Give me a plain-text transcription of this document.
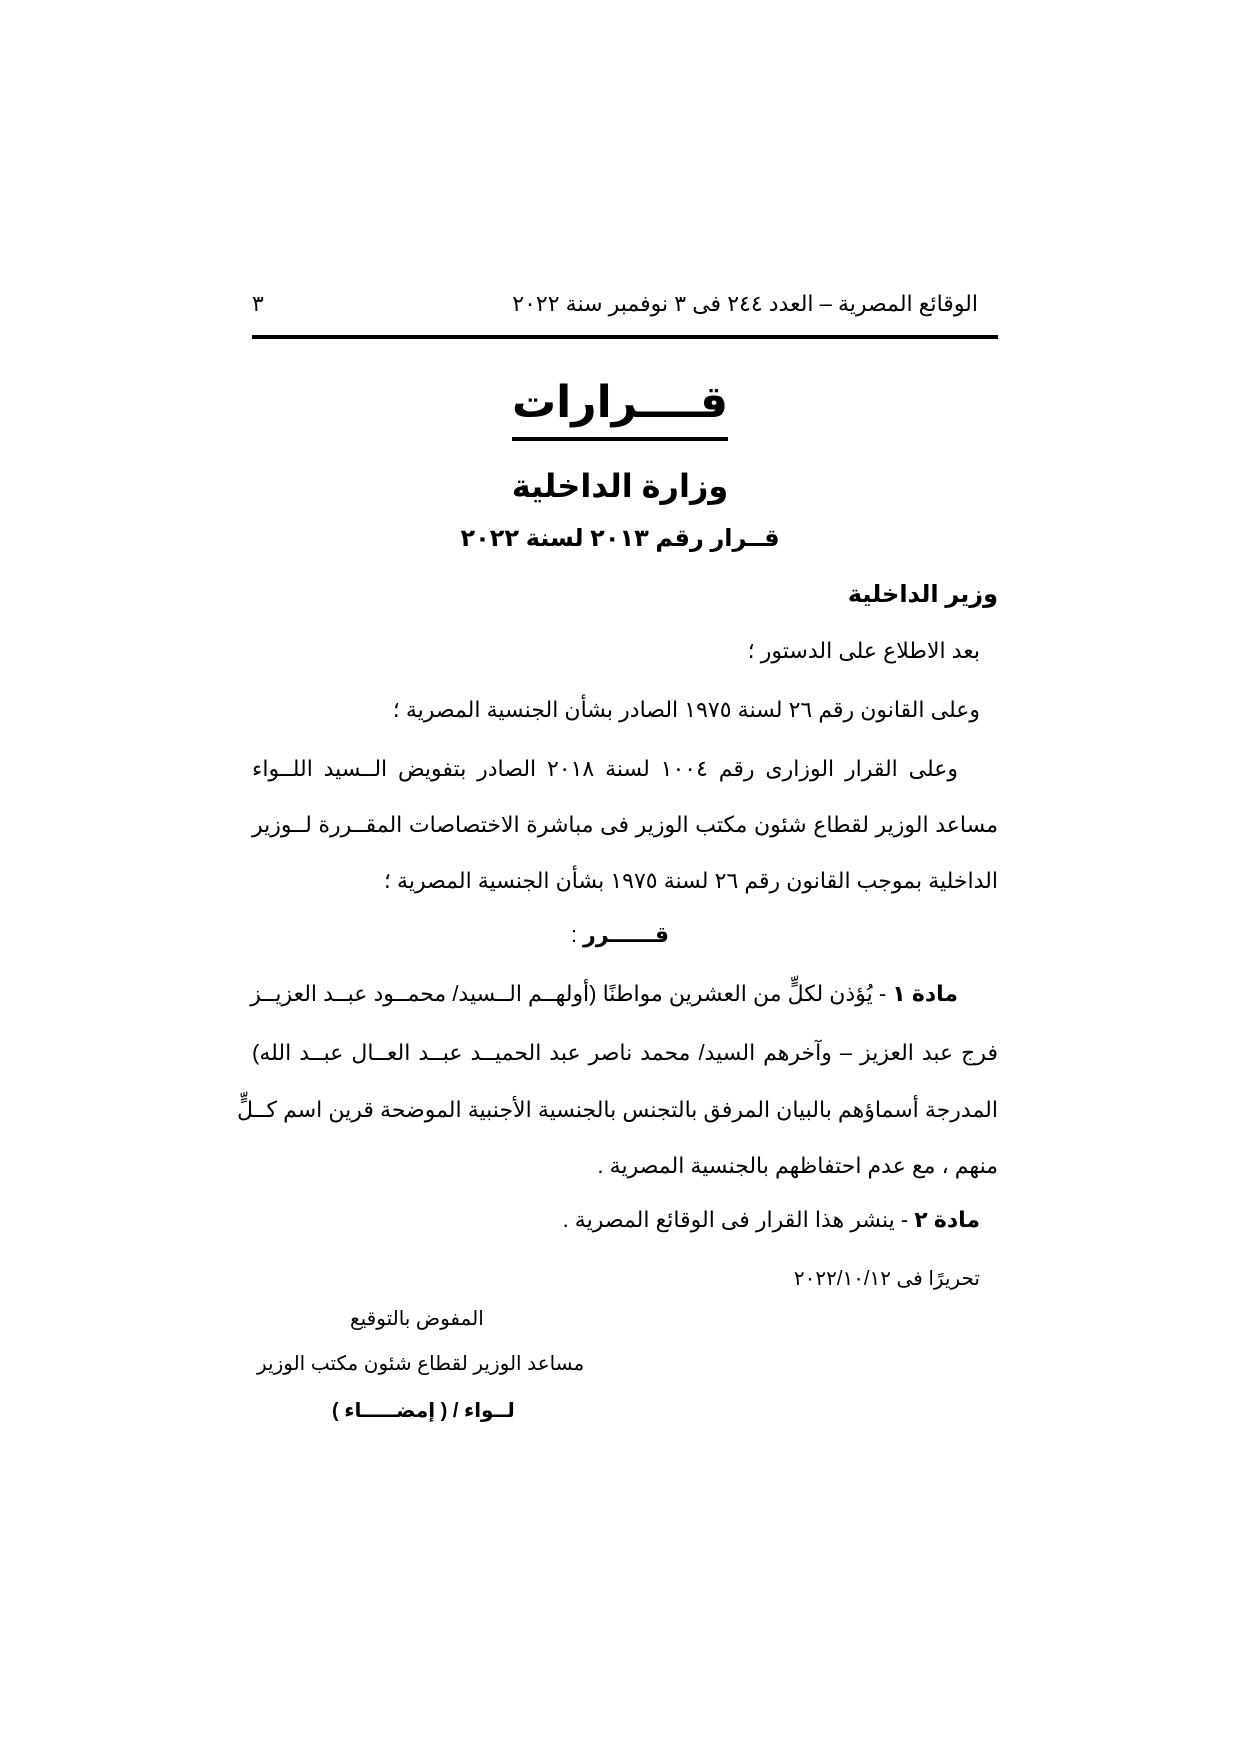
الوقائع المصرية – العدد ٢٤٤ فى ٣ نوفمبر سنة ٢٠٢٢
٣
قــــرارات
وزارة الداخلية
قــرار رقم ٢٠١٣ لسنة ٢٠٢٢
وزير الداخلية
بعد الاطلاع على الدستور ؛
وعلى القانون رقم ٢٦ لسنة ١٩٧٥ الصادر بشأن الجنسية المصرية ؛
وعلى القرار الوزارى رقم ١٠٠٤ لسنة ٢٠١٨ الصادر بتفويض الــسيد اللــواء
مساعد الوزير لقطاع شئون مكتب الوزير فى مباشرة الاختصاصات المقــررة لــوزير
الداخلية بموجب القانون رقم ٢٦ لسنة ١٩٧٥ بشأن الجنسية المصرية ؛
قــــــرر :
مادة ١ - يُؤذن لكلٍّ من العشرين مواطنًا (أولهــم الــسيد/ محمــود عبــد العزيــز
فرج عبد العزيز – وآخرهم السيد/ محمد ناصر عبد الحميــد عبــد العــال عبــد الله)
المدرجة أسماؤهم بالبيان المرفق بالتجنس بالجنسية الأجنبية الموضحة قرين اسم كــلٍّ
منهم ، مع عدم احتفاظهم بالجنسية المصرية .
مادة ٢ - ينشر هذا القرار فى الوقائع المصرية .
تحريرًا فى ٢٠٢٢/١٠/١٢
المفوض بالتوقيع
مساعد الوزير لقطاع شئون مكتب الوزير
لــواء / ( إمضـــــاء )
